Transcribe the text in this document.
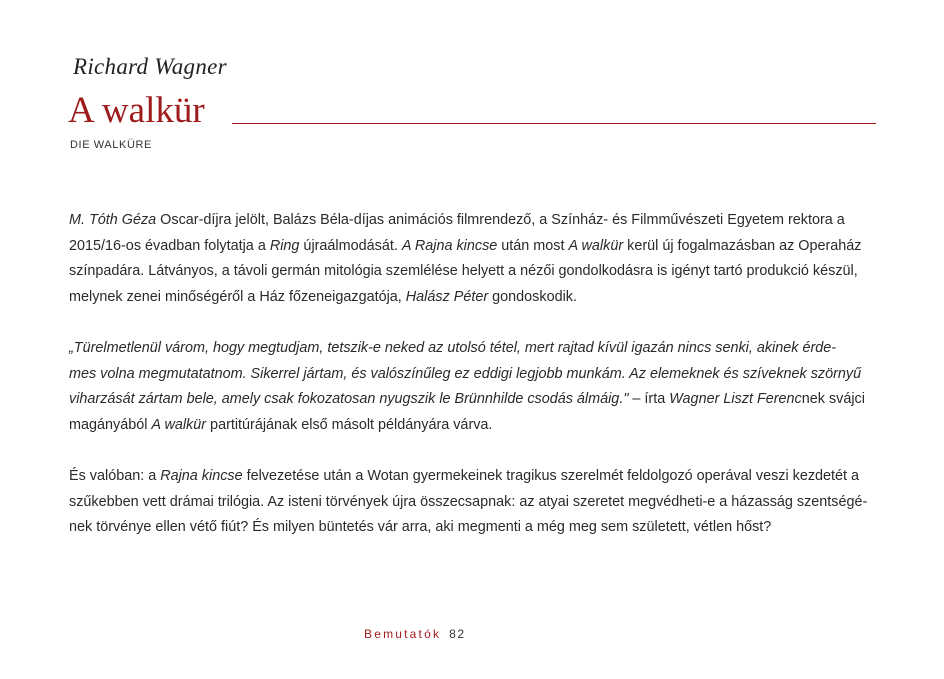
Richard Wagner
A walkür
DIE WALKÜRE
M. Tóth Géza Oscar-díjra jelölt, Balázs Béla-díjas animációs filmrendező, a Színház- és Filmművészeti Egyetem rektora a
2015/16-os évadban folytatja a Ring újraálmodását. A Rajna kincse után most A walkür kerül új fogalmazásban az Operaház
színpadára. Látványos, a távoli germán mitológia szemlélése helyett a nézői gondolkodásra is igényt tartó produkció készül,
melynek zenei minőségéről a Ház főzeneigazgatója, Halász Péter gondoskodik.
„Türelmetlenül várom, hogy megtudjam, tetszik-e neked az utolsó tétel, mert rajtad kívül igazán nincs senki, akinek érde-
mes volna megmutatatnom. Sikerrel jártam, és valószínűleg ez eddigi legjobb munkám. Az elemeknek és szíveknek szörnyű
viharzását zártam bele, amely csak fokozatosan nyugszik le Brünnhilde csodás álmáig." – írta Wagner Liszt Ferencnek svájci
magányából A walkür partitúrájának első másolt példányára várva.
És valóban: a Rajna kincse felvezetése után a Wotan gyermekeinek tragikus szerelmét feldolgozó operával veszi kezdetét a
szűkebben vett drámai trilógia. Az isteni törvények újra összecsapnak: az atyai szeretet megvédheti-e a házasság szentségé-
nek törvénye ellen vétő fiút? És milyen büntetés vár arra, aki megmenti a még meg sem született, vétlen hőst?
Bemutatók 82
